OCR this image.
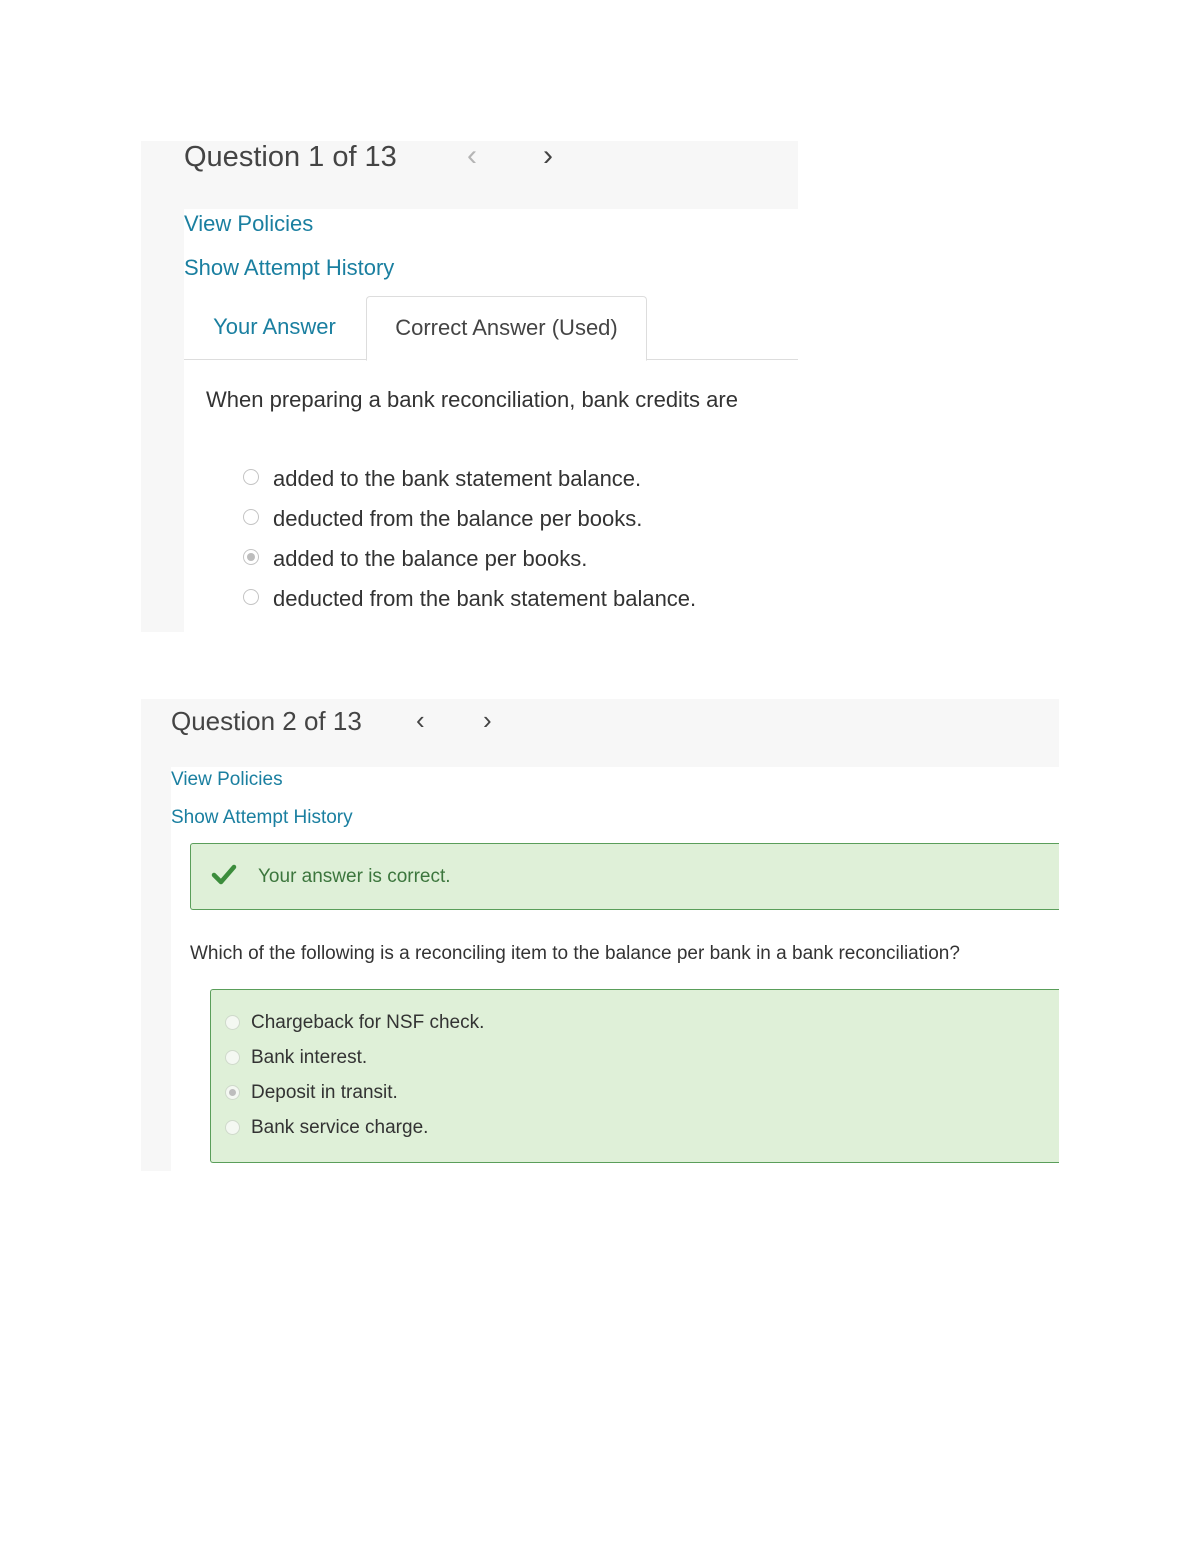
Question 1 of 13 ‹ ›
View Policies
Show Attempt History
Your Answer	Correct Answer (Used)
When preparing a bank reconciliation, bank credits are
added to the bank statement balance.
deducted from the balance per books.
added to the balance per books.
deducted from the bank statement balance.
Question 2 of 13 ‹ ›
View Policies
Show Attempt History
Your answer is correct.
Which of the following is a reconciling item to the balance per bank in a bank reconciliation?
Chargeback for NSF check.
Bank interest.
Deposit in transit.
Bank service charge.
